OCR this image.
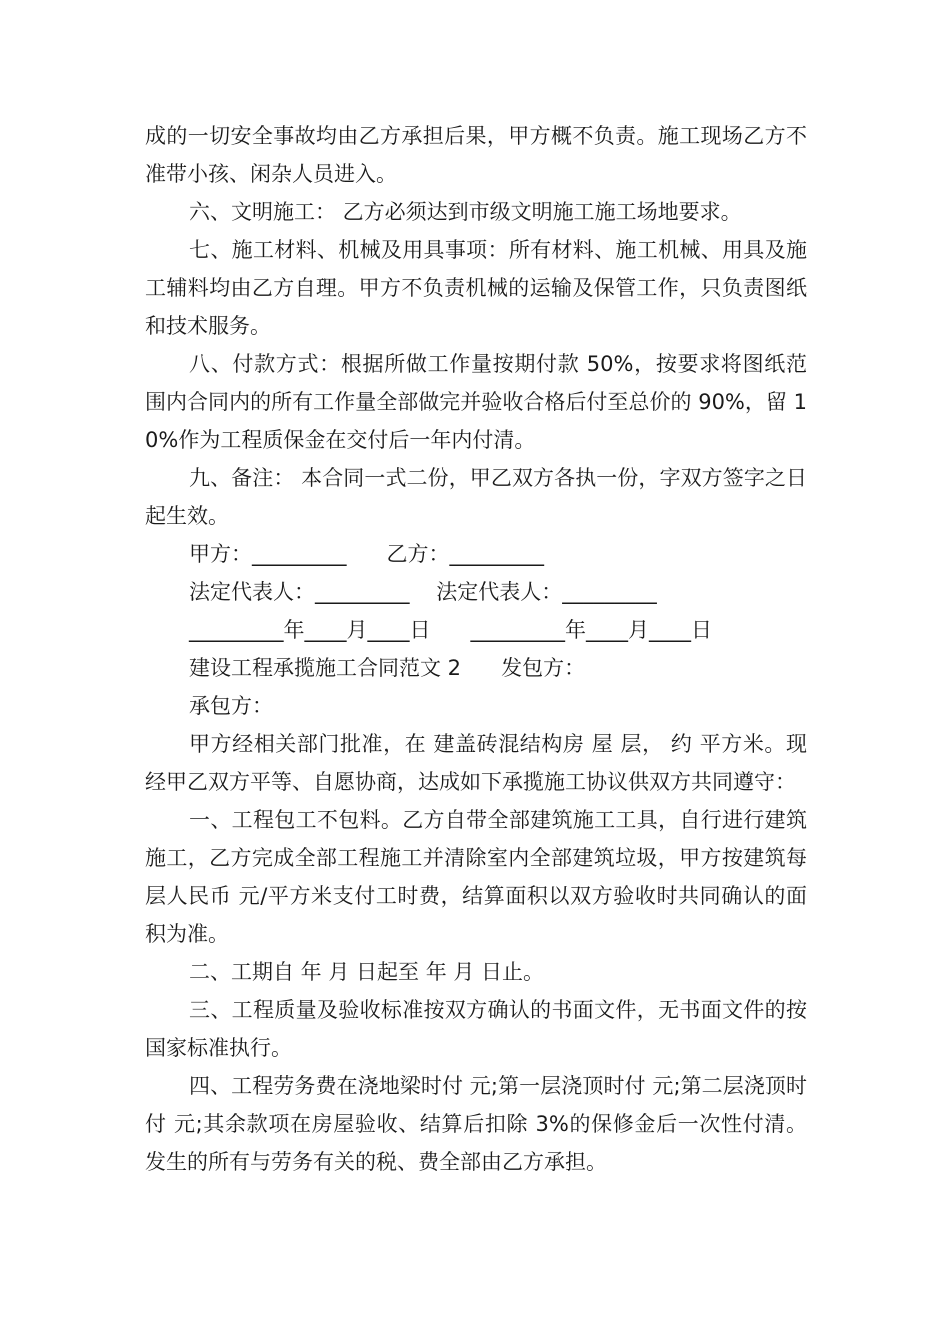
成的一切安全事故均由乙方承担后果，甲方概不负责。施工现场乙方不准带小孩、闲杂人员进入。

六、文明施工： 乙方必须达到市级文明施工施工场地要求。

七、施工材料、机械及用具事项：所有材料、施工机械、用具及施工辅料均由乙方自理。甲方不负责机械的运输及保管工作，只负责图纸和技术服务。

八、付款方式：根据所做工作量按期付款 50%，按要求将图纸范围内合同内的所有工作量全部做完并验收合格后付至总价的 90%，留 10%作为工程质保金在交付后一年内付清。

九、备注： 本合同一式二份，甲乙双方各执一份，字双方签字之日起生效。

甲方：_________      乙方：_________
法定代表人：_________    法定代表人：_________
_________年____月____日      _________年____月____日
建设工程承揽施工合同范文 2      发包方：
承包方：

甲方经相关部门批准，在 建盖砖混结构房 屋 层， 约 平方米。现经甲乙双方平等、自愿协商，达成如下承揽施工协议供双方共同遵守：

一、工程包工不包料。乙方自带全部建筑施工工具，自行进行建筑施工，乙方完成全部工程施工并清除室内全部建筑垃圾，甲方按建筑每层人民币 元/平方米支付工时费，结算面积以双方验收时共同确认的面积为准。

二、工期自 年 月 日起至 年 月 日止。

三、工程质量及验收标准按双方确认的书面文件，无书面文件的按国家标准执行。

四、工程劳务费在浇地梁时付 元;第一层浇顶时付 元;第二层浇顶时付 元;其余款项在房屋验收、结算后扣除 3%的保修金后一次性付清。发生的所有与劳务有关的税、费全部由乙方承担。
